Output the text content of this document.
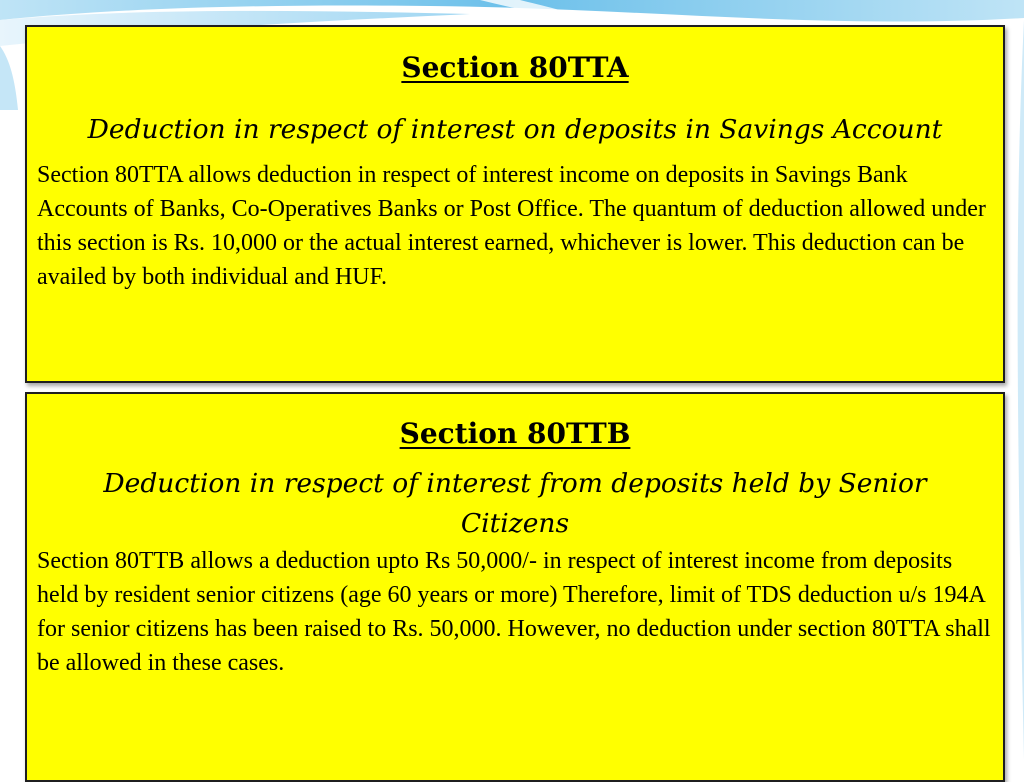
Section 80TTA
Deduction in respect of interest on deposits in Savings Account
Section 80TTA allows deduction in respect of interest income on deposits in Savings Bank Accounts of Banks, Co-Operatives Banks or Post Office. The quantum of deduction allowed under this section is Rs. 10,000 or the actual interest earned, whichever is lower. This deduction can be availed by both individual and HUF.
Section 80TTB
Deduction in respect of interest from deposits held by Senior Citizens
Section 80TTB allows a deduction upto Rs 50,000/- in respect of interest income from deposits held by resident senior citizens (age 60 years or more) Therefore, limit of TDS deduction u/s 194A for senior citizens has been raised to Rs. 50,000. However, no deduction under section 80TTA shall be allowed in these cases.
